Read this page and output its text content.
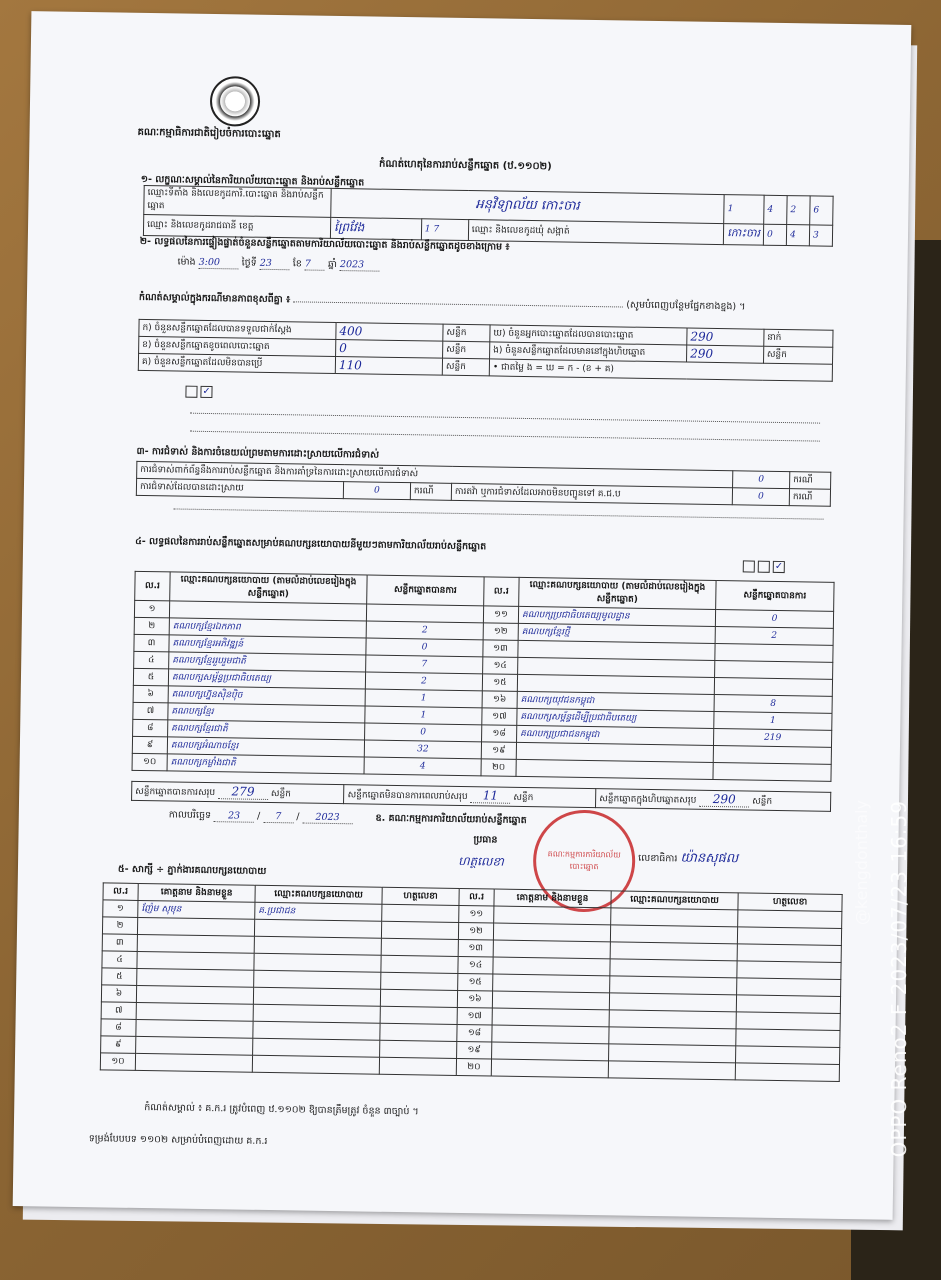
គណៈកម្មាធិការជាតិរៀបចំការបោះឆ្នោត
កំណត់ហេតុនៃការរាប់សន្លឹកឆ្នោត (ឋ.១១០២)
១- លក្ខណៈសម្គាល់នៃការិយាល័យបោះឆ្នោត និងរាប់សន្លឹកឆ្នោត
ឈ្មោះទីតាំង និងលេខកូដការិ.បោះឆ្នោត និងរាប់សន្លឹកឆ្នោត	អនុវិទ្យាល័យ កោះចារ			1	4	2	6
ឈ្មោះ និងលេខកូដរាជធានី ខេត្ត	ព្រៃវែង	1 7	ឈ្មោះ និងលេខកូដឃុំ សង្កាត់	កោះចារ	0	4	3
២- លទ្ធផលនៃការផ្ទៀងផ្ទាត់ចំនួនសន្លឹកឆ្នោតតាមការិយាល័យបោះឆ្នោត និងរាប់សន្លឹកឆ្នោតដូចខាងក្រោម ៖
ម៉ោង 3:00 ថ្ងៃទី 23 ខែ 7 ឆ្នាំ 2023
កំណត់សម្គាល់ក្នុងករណីមានភាពខុសពីគ្នា ៖  (សូមបំពេញបន្ថែមផ្នែកខាងខ្នង) ។
ក) ចំនួនសន្លឹកឆ្នោតដែលបានទទួលជាក់ស្តែង	400	សន្លឹក	ឃ) ចំនួនអ្នកបោះឆ្នោតដែលបានបោះឆ្នោត	290	នាក់
ខ) ចំនួនសន្លឹកឆ្នោតខូចពេលបោះឆ្នោត	0	សន្លឹក	ង) ចំនួនសន្លឹកឆ្នោតដែលមាននៅក្នុងហិបឆ្នោត	290	សន្លឹក
គ) ចំនួនសន្លឹកឆ្នោតដែលមិនបានប្រើ	110	សន្លឹក	• ជាតម្លៃ ង = ឃ = ក - (ខ + គ)		
✓
៣- ការជំទាស់ និងការចំនេយល់ព្រមតាមការដោះស្រាយលើការជំទាស់
ការជំទាស់ពាក់ព័ន្ធនឹងការរាប់សន្លឹកឆ្នោត និងការគាំទ្រនៃការដោះស្រាយលើការជំទាស់				0	ករណី
ការជំទាស់ដែលបានដោះស្រាយ	0	ករណី	ការតវ៉ា ឬការជំទាស់ដែលអាចមិនបញ្ជូនទៅ គ.ជ.ប	0	ករណី
៤- លទ្ធផលនៃការរាប់សន្លឹកឆ្នោតសម្រាប់គណបក្សនយោបាយនីមួយៗតាមការិយាល័យរាប់សន្លឹកឆ្នោត
✓
ល.រ	ឈ្មោះគណបក្សនយោបាយ (តាមលំដាប់លេខរៀងក្នុងសន្លឹកឆ្នោត)	សន្លឹកឆ្នោតបានការ	ល.រ	ឈ្មោះគណបក្សនយោបាយ (តាមលំដាប់លេខរៀងក្នុងសន្លឹកឆ្នោត)	សន្លឹកឆ្នោតបានការ
១			១១	គណបក្សប្រជាធិបតេយ្យមូលដ្ឋាន	0
២	គណបក្សខ្មែរឯកភាព	2	១២	គណបក្សខ្មែរថ្មី	2
៣	គណបក្សខ្មែរអភិវឌ្ឍន៍	0	១៣		
៤	គណបក្សខ្មែររួបរួមជាតិ	7	១៤		
៥	គណបក្សសម្ព័ន្ធប្រជាធិបតេយ្យ	2	១៥		
៦	គណបក្សហ្វ៊ុនស៊ិនប៉ិច	1	១៦	គណបក្សយុវជនកម្ពុជា	8
៧	គណបក្សខ្មែរ	1	១៧	គណបក្សសម្ព័ន្ធដើម្បីប្រជាធិបតេយ្យ	1
៨	គណបក្សខ្មែរជាតិ	0	១៨	គណបក្សប្រជាជនកម្ពុជា	219
៩	គណបក្សអំណាចខ្មែរ	32	១៩		
១០	គណបក្សកម្លាំងជាតិ	4	២០		
សន្លឹកឆ្នោតបានការសរុប 279 សន្លឹក	សន្លឹកឆ្នោតមិនបានការពេលរាប់សរុប 11 សន្លឹក	សន្លឹកឆ្នោតក្នុងហិបឆ្នោតសរុប 290 សន្លឹក
កាលបរិច្ឆេទ 23 / 7 / 2023	ឧ. គណៈកម្មការការិយាល័យរាប់សន្លឹកឆ្នោត
ប្រធាន
ហត្ថលេខា	គណៈកម្មការការិយាល័យបោះឆ្នោត
លេខាធិការ យ៉ានសុផល
៥- សាក្សី ÷ ភ្នាក់ងារគណបក្សនយោបាយ
ល.រ	គោត្តនាម និងនាមខ្លួន	ឈ្មោះគណបក្សនយោបាយ	ហត្ថលេខា	ល.រ	គោត្តនាម និងនាមខ្លួន	ឈ្មោះគណបក្សនយោបាយ	ហត្ថលេខា
១	ញ៉ែម សុមុន	គ.ប្រជាជន		១១			
២				១២			
៣				១៣			
៤				១៤			
៥				១៥			
៦				១៦			
៧				១៧			
៨				១៨			
៩				១៩			
១០				២០			
កំណត់សម្គាល់ ៖ គ.ក.រ ត្រូវបំពេញ ឋ.១១០២ ឱ្យបានត្រឹមត្រូវ ចំនួន ៣ច្បាប់ ។
ទម្រង់បែបបទ ១១០២ សម្រាប់បំពេញដោយ គ.ក.រ
@kengdonthaly
OPPO Reno2 F 2023/07/23 16:59
